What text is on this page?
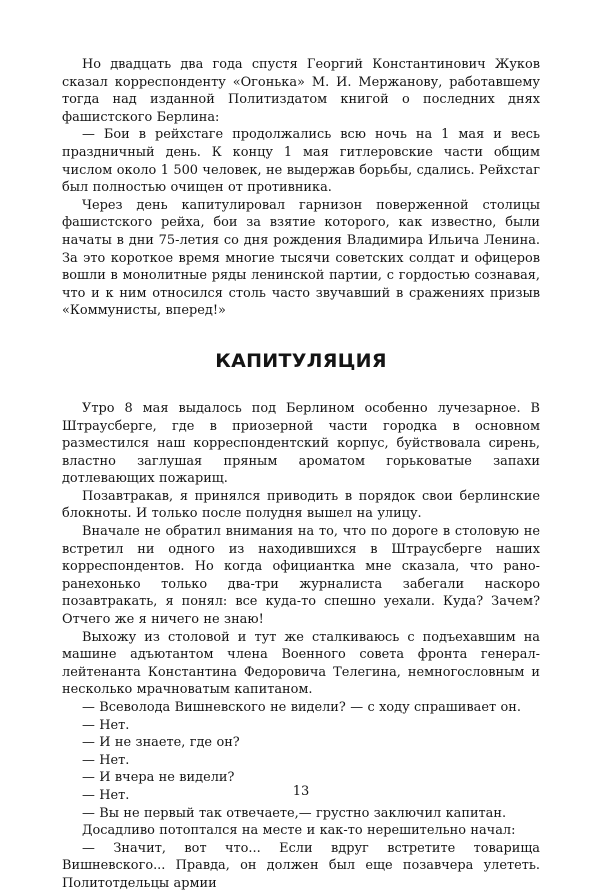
Но двадцать два года спустя Георгий Константинович Жуков сказал корреспонденту «Огонька» М. И. Мержанову, работавшему тогда над изданной Политиздатом книгой о последних днях фашистского Берлина:

— Бои в рейхстаге продолжались всю ночь на 1 мая и весь праздничный день. К концу 1 мая гитлеровские части общим числом около 1 500 человек, не выдержав борьбы, сдались. Рейхстаг был полностью очищен от противника.

Через день капитулировал гарнизон поверженной столицы фашистского рейха, бои за взятие которого, как известно, были начаты в дни 75-летия со дня рождения Владимира Ильича Ленина. За это короткое время многие тысячи советских солдат и офицеров вошли в монолитные ряды ленинской партии, с гордостью сознавая, что и к ним относился столь часто звучавший в сражениях призыв «Коммунисты, вперед!»

КАПИТУЛЯЦИЯ

Утро 8 мая выдалось под Берлином особенно лучезарное. В Штраусберге, где в приозерной части городка в основном разместился наш корреспондентский корпус, буйствовала сирень, властно заглушая пряным ароматом горьковатые запахи дотлевающих пожарищ.

Позавтракав, я принялся приводить в порядок свои берлинские блокноты. И только после полудня вышел на улицу.

Вначале не обратил внимания на то, что по дороге в столовую не встретил ни одного из находившихся в Штраусберге наших корреспондентов. Но когда официантка мне сказала, что рано-ранехонько только два-три журналиста забегали наскоро позавтракать, я понял: все куда-то спешно уехали. Куда? Зачем? Отчего же я ничего не знаю!

Выхожу из столовой и тут же сталкиваюсь с подъехавшим на машине адъютантом члена Военного совета фронта генерал-лейтенанта Константина Федоровича Телегина, немногословным и несколько мрачноватым капитаном.

— Всеволода Вишневского не видели? — с ходу спрашивает он.

— Нет.

— И не знаете, где он?

— Нет.

— И вчера не видели?

— Нет.

— Вы не первый так отвечаете,— грустно заключил капитан.

Досадливо потоптался на месте и как-то нерешительно начал:

— Значит, вот что... Если вдруг встретите товарища Вишневского... Правда, он должен был еще позавчера улететь. Политотдельцы армии

13
